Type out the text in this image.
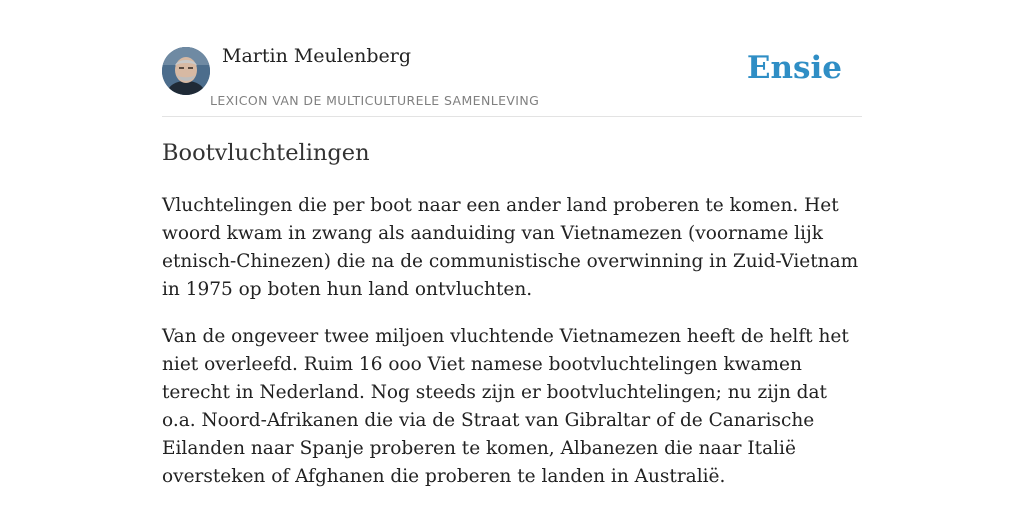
Martin Meulenberg
LEXICON VAN DE MULTICULTURELE SAMENLEVING
Ensie
Bootvluchtelingen

Vluchtelingen die per boot naar een ander land proberen te komen. Het woord kwam in zwang als aanduiding van Vietnamezen (voorname lijk etnisch-Chinezen) die na de communistische overwinning in Zuid-Vietnam in 1975 op boten hun land ontvluchten.

Van de ongeveer twee miljoen vluchtende Vietnamezen heeft de helft het niet overleefd. Ruim 16 ooo Viet namese bootvluchtelingen kwamen terecht in Nederland. Nog steeds zijn er bootvluchtelingen; nu zijn dat o.a. Noord-Afrikanen die via de Straat van Gibraltar of de Canarische Eilanden naar Spanje proberen te komen, Albanezen die naar Italië oversteken of Afghanen die proberen te landen in Australië.
